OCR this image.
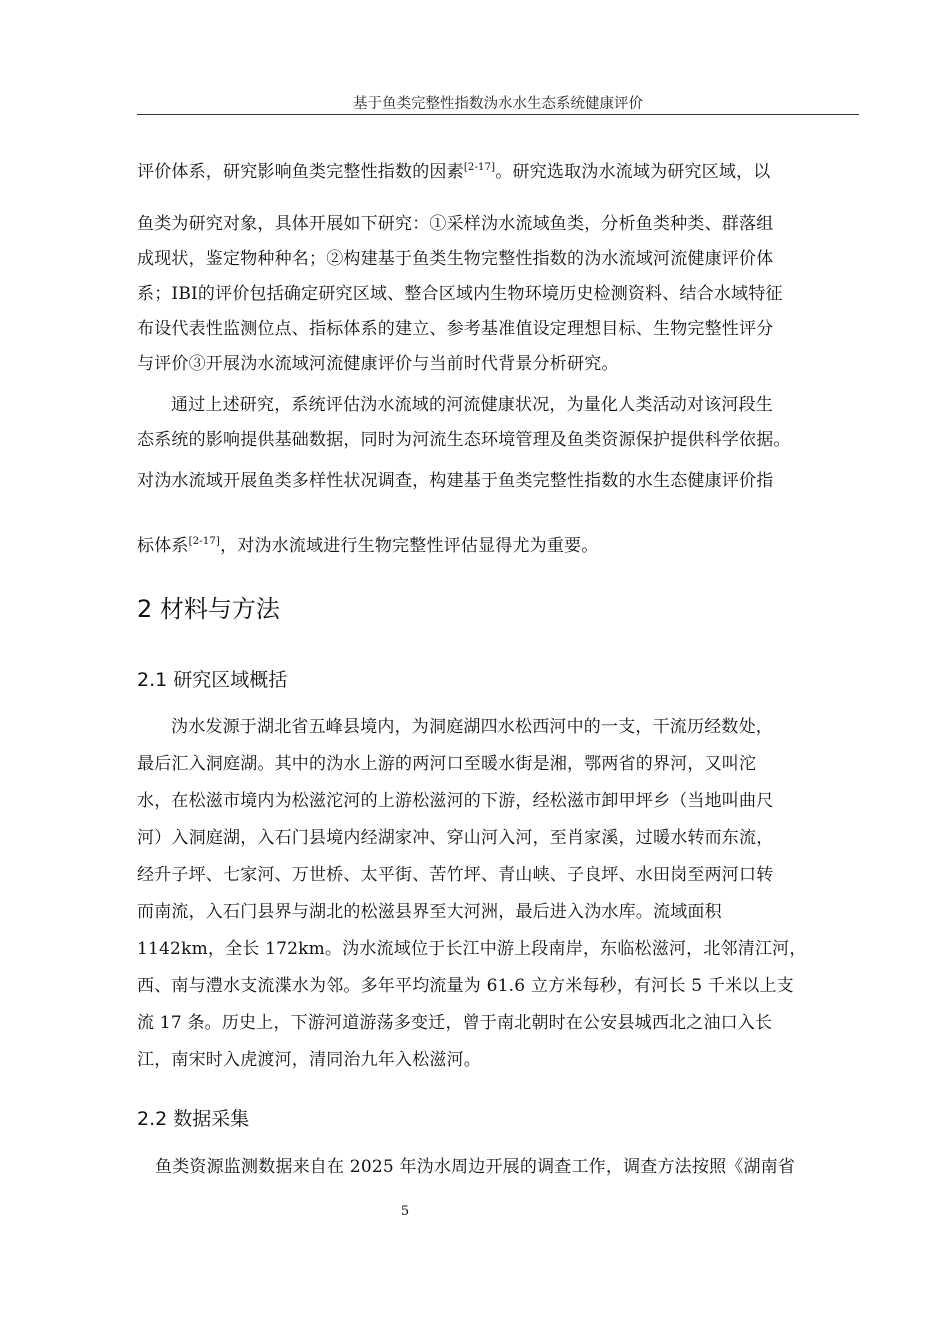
基于鱼类完整性指数沩水水生态系统健康评价
评价体系，研究影响鱼类完整性指数的因素[2-17]。研究选取沩水流域为研究区域，以
鱼类为研究对象，具体开展如下研究：①采样沩水流域鱼类，分析鱼类种类、群落组
成现状，鉴定物种种名；②构建基于鱼类生物完整性指数的沩水流域河流健康评价体
系；IBI的评价包括确定研究区域、整合区域内生物环境历史检测资料、结合水域特征
布设代表性监测位点、指标体系的建立、参考基准值设定理想目标、生物完整性评分
与评价③开展沩水流域河流健康评价与当前时代背景分析研究。
通过上述研究，系统评估沩水流域的河流健康状况，为量化人类活动对该河段生
态系统的影响提供基础数据，同时为河流生态环境管理及鱼类资源保护提供科学依据。
对沩水流域开展鱼类多样性状况调查，构建基于鱼类完整性指数的水生态健康评价指
标体系[2-17]，对沩水流域进行生物完整性评估显得尤为重要。
2 材料与方法
2.1 研究区域概括
沩水发源于湖北省五峰县境内，为洞庭湖四水松西河中的一支，干流历经数处，
最后汇入洞庭湖。其中的沩水上游的两河口至暖水街是湘，鄂两省的界河，又叫沱
水，在松滋市境内为松滋沱河的上游松滋河的下游，经松滋市卸甲坪乡（当地叫曲尺
河）入洞庭湖，入石门县境内经湖家冲、穿山河入河，至肖家溪，过暖水转而东流，
经升子坪、七家河、万世桥、太平街、苦竹坪、青山峡、子良坪、水田岗至两河口转
而南流，入石门县界与湖北的松滋县界至大河洲，最后进入沩水库。流域面积
1142km，全长 172km。沩水流域位于长江中游上段南岸，东临松滋河，北邻清江河，
西、南与澧水支流渫水为邻。多年平均流量为 61.6 立方米每秒，有河长 5 千米以上支
流 17 条。历史上，下游河道游荡多变迁，曾于南北朝时在公安县城西北之油口入长
江，南宋时入虎渡河，清同治九年入松滋河。
2.2 数据采集
鱼类资源监测数据来自在 2025 年沩水周边开展的调查工作，调查方法按照《湖南省
5
